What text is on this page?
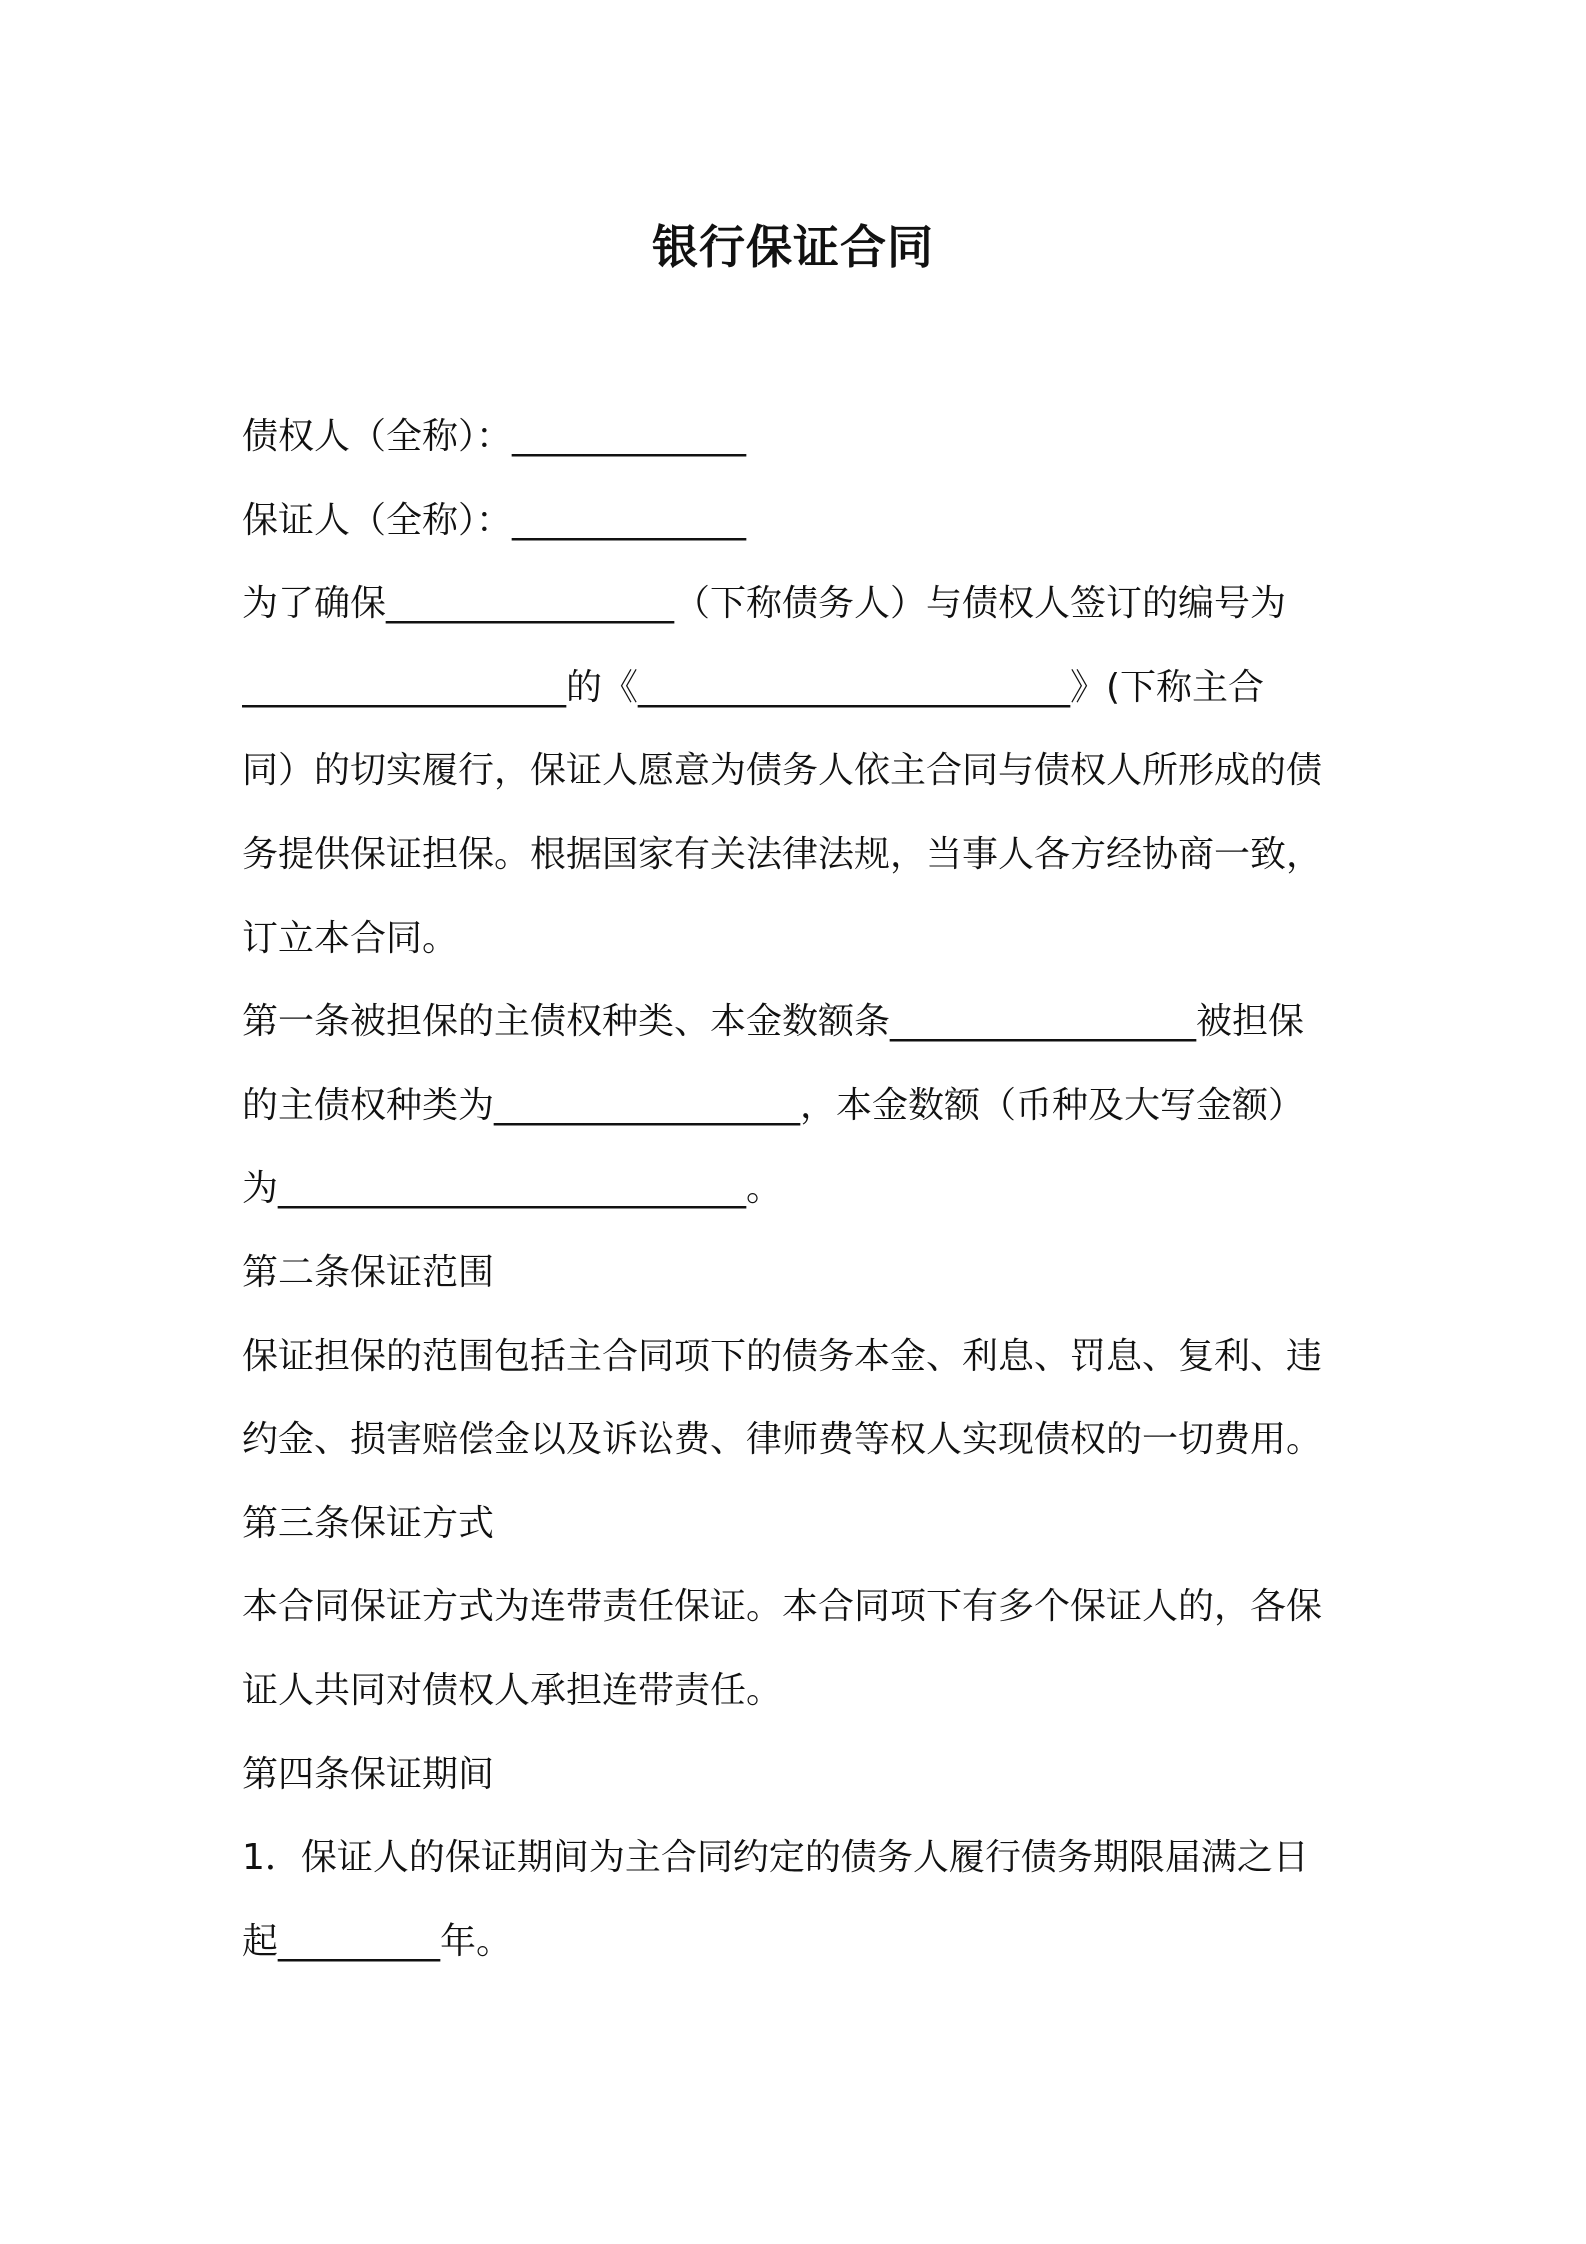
银行保证合同
债权人（全称）：_____________
保证人（全称）：_____________
为了确保________________（下称债务人）与债权人签订的编号为
__________________的《________________________》(下称主合
同）的切实履行，保证人愿意为债务人依主合同与债权人所形成的债
务提供保证担保。根据国家有关法律法规，当事人各方经协商一致，
订立本合同。
第一条被担保的主债权种类、本金数额条_________________被担保
的主债权种类为_________________，本金数额（币种及大写金额）
为__________________________。
第二条保证范围
保证担保的范围包括主合同项下的债务本金、利息、罚息、复利、违
约金、损害赔偿金以及诉讼费、律师费等权人实现债权的一切费用。
第三条保证方式
本合同保证方式为连带责任保证。本合同项下有多个保证人的，各保
证人共同对债权人承担连带责任。
第四条保证期间
1．保证人的保证期间为主合同约定的债务人履行债务期限届满之日
起_________年。
